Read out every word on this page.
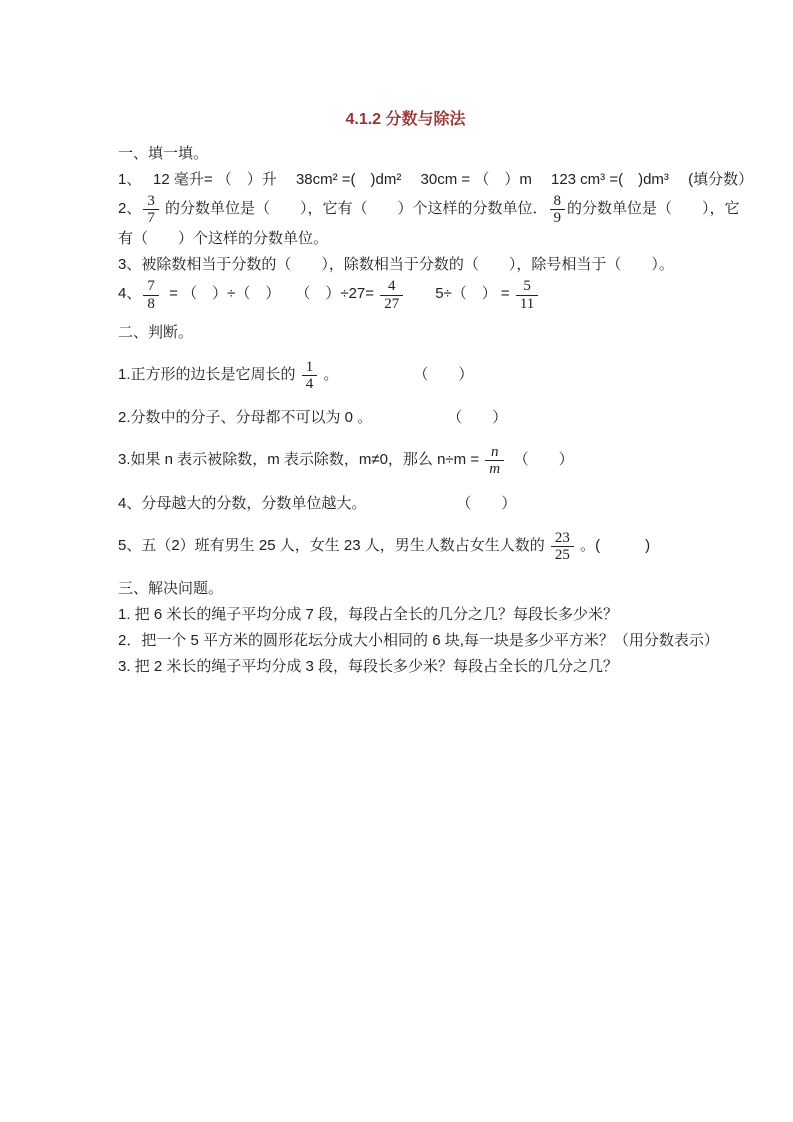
4.1.2 分数与除法

一、填一填。

1、　 12 毫升= （　）升　 38cm² =(　)dm²　 30cm = （　）m　 123 cm³ =(　)dm³　 (填分数）

2、 $\frac{3}{7}$ 的分数单位是（　　），它有（　　）个这样的分数单位． $\frac{8}{9}$ 的分数单位是（　　），它

有（　　）个这样的分数单位。

3、被除数相当于分数的（　　），除数相当于分数的（　　），除号相当于（　　）。

4、 $\frac{7}{8}$ = （　）÷（　）　　（　）$\div 27= \frac{4}{27}$ 　　5÷（　） = $\frac{5}{11}$

二、判断。

1.正方形的边长是它周长的 $\frac{1}{4}$ 。　　　　　　（　　）

2.分数中的分子、分母都不可以为 0 。　　　　　　（　　）

3.如果 n 表示被除数，m 表示除数，m≠0，那么 $n\div m = \frac{n}{m}$ 　（　　）

4、分母越大的分数，分数单位越大。　　　　　　　（　　）

5、五（2）班有男生 25 人，女生 23 人，男生人数占女生人数的 $\frac{23}{25}$ 。(　　　)

三、解决问题。

1. 把 6 米长的绳子平均分成 7 段，每段占全长的几分之几？每段长多少米？

2．把一个 5 平方米的圆形花坛分成大小相同的 6 块,每一块是多少平方米？（用分数表示）

3. 把 2 米长的绳子平均分成 3 段，每段长多少米？每段占全长的几分之几？
